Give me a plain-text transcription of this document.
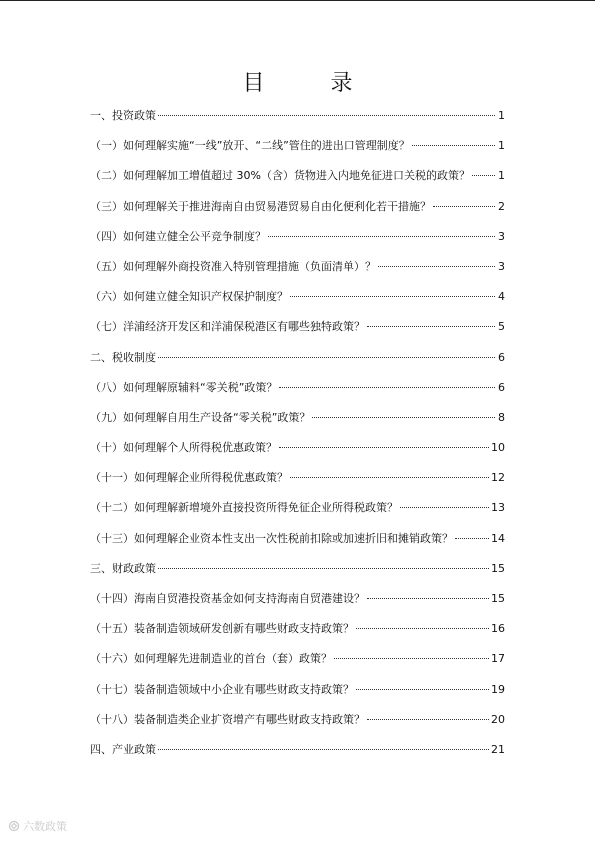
目　录
一、投资政策	1
（一）如何理解实施“一线”放开、“二线”管住的进出口管理制度？	1
（二）如何理解加工增值超过 30%（含）货物进入内地免征进口关税的政策？	1
（三）如何理解关于推进海南自由贸易港贸易自由化便利化若干措施？	2
（四）如何建立健全公平竞争制度？	3
（五）如何理解外商投资准入特别管理措施（负面清单）？	3
（六）如何建立健全知识产权保护制度？	4
（七）洋浦经济开发区和洋浦保税港区有哪些独特政策？	5
二、税收制度	6
（八）如何理解原辅料“零关税”政策？	6
（九）如何理解自用生产设备“零关税”政策？	8
（十）如何理解个人所得税优惠政策？	10
（十一）如何理解企业所得税优惠政策？	12
（十二）如何理解新增境外直接投资所得免征企业所得税政策？	13
（十三）如何理解企业资本性支出一次性税前扣除或加速折旧和摊销政策？	14
三、财政政策	15
（十四）海南自贸港投资基金如何支持海南自贸港建设？	15
（十五）装备制造领域研发创新有哪些财政支持政策？	16
（十六）如何理解先进制造业的首台（套）政策？	17
（十七）装备制造领域中小企业有哪些财政支持政策？	19
（十八）装备制造类企业扩资增产有哪些财政支持政策？	20
四、产业政策	21
六数政策
